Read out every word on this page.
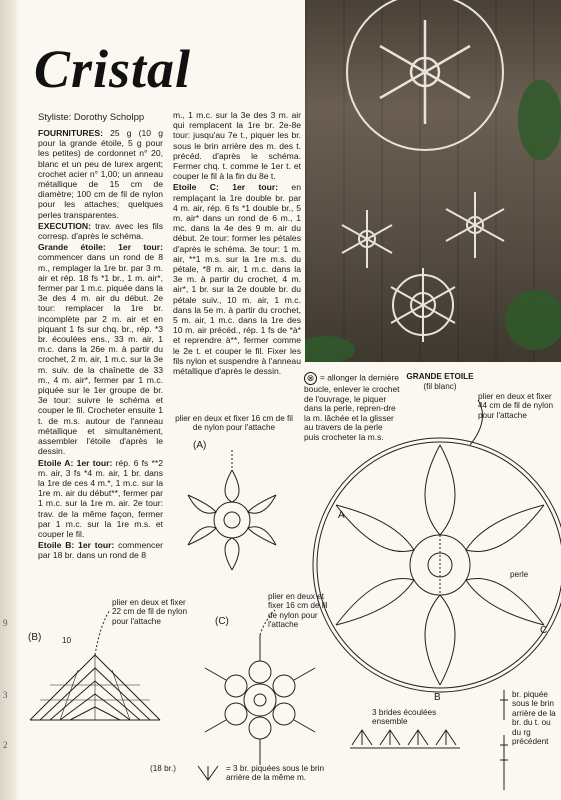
9
3
2
Cristal
Styliste: Dorothy Scholpp

FOURNITURES: 25 g (10 g pour la grande étoile, 5 g pour les petites) de cordonnet n° 20, blanc et un peu de lurex argent; crochet acier n° 1,00; un anneau métallique de 15 cm de diamètre; 100 cm de fil de nylon pour les attaches; quelques perles transparentes.

EXECUTION: trav. avec les fils corresp. d'après le schéma.

Grande étoile: 1er tour: commencer dans un rond de 8 m., remplager la 1re br. par 3 m. air et rép. 18 fs *1 br., 1 m. air*, fermer par 1 m.c. piquée dans la 3e des 4 m. air du début. 2e tour: remplacer la 1re br. incomplète par 2 m. air et en piquant 1 fs sur chq. br., rép. *3 br. écoulées ens., 33 m. air, 1 m.c. dans la 26e m. à partir du crochet, 2 m. air, 1 m.c. sur la 3e m. suiv. de la chaînette de 33 m., 4 m. air*, fermer par 1 m.c. piquée sur le 1er groupe de br. 3e tour: suivre le schéma et couper le fil. Crocheter ensuite 1 t. de m.s. autour de l'anneau métallique et simultanément, assembler l'étoile d'après le dessin.

Etoile A: 1er tour: rép. 6 fs **2 m. air, 3 fs *4 m. air, 1 br. dans la 1re de ces 4 m.*, 1 m.c. sur la 1re m. air du début**, fermer par 1 m.c. sur la 1re m. air. 2e tour: trav. de la même façon, fermer par 1 m.c. sur la 1re m.s. et couper le fil.

Etoile B: 1er tour: commencer par 18 br. dans un rond de 8

m., 1 m.c. sur la 3e des 3 m. air qui remplacent la 1re br. 2e-8e tour: jusqu'au 7e t., piquer les br. sous le brin arrière des m. des t. précéd. d'après le schéma. Fermer chq. t. comme le 1er t. et couper le fil à la fin du 8e t.

Etoile C: 1er tour: en remplaçant la 1re double br. par 4 m. air, rép. 6 fs *1 double br., 5 m. air* dans un rond de 6 m., 1 mc. dans la 4e des 9 m. air du début. 2e tour: former les pétales d'après le schéma. 3e tour: 1 m. air, **1 m.s. sur la 1re m.s. du pétale, *8 m. air, 1 m.c. dans la 3e m. à partir du crochet, 4 m. air*, 1 br. sur la 2e double br. du pétale suiv., 10 m. air, 1 m.c. dans la 5e m. à partir du crochet, 5 m. air, 1 m.c. dans la 1re des 10 m. air précéd., rép. 1 fs de *à* et reprendre à**, fermer comme le 2e t. et couper le fil. Fixer les fils nylon et suspendre à l'anneau métallique d'après le dessin.

⊗ = allonger la dernière boucle, enlever le crochet de l'ouvrage, le piquer dans la perle, repren-dre la m. lâchée et la glisser au travers de la perle puis crocheter la m.s.
GRANDE ETOILE
(fil blanc)
plier en deux et fixer 44 cm de fil de nylon pour l'attache
perle
A
B
C
plier en deux et fixer 16 cm de fil de nylon pour l'attache
(A)
(B)
plier en deux et fixer 22 cm de fil de nylon pour l'attache
(18 br.)
10
(C)
plier en deux et fixer 16 cm de fil de nylon pour l'attache
br. piquée sous le brin arrière de la br. du t. ou du rg précédent
3 brides écoulées ensemble
= 3 br. piquées sous le brin arrière de la même m.
